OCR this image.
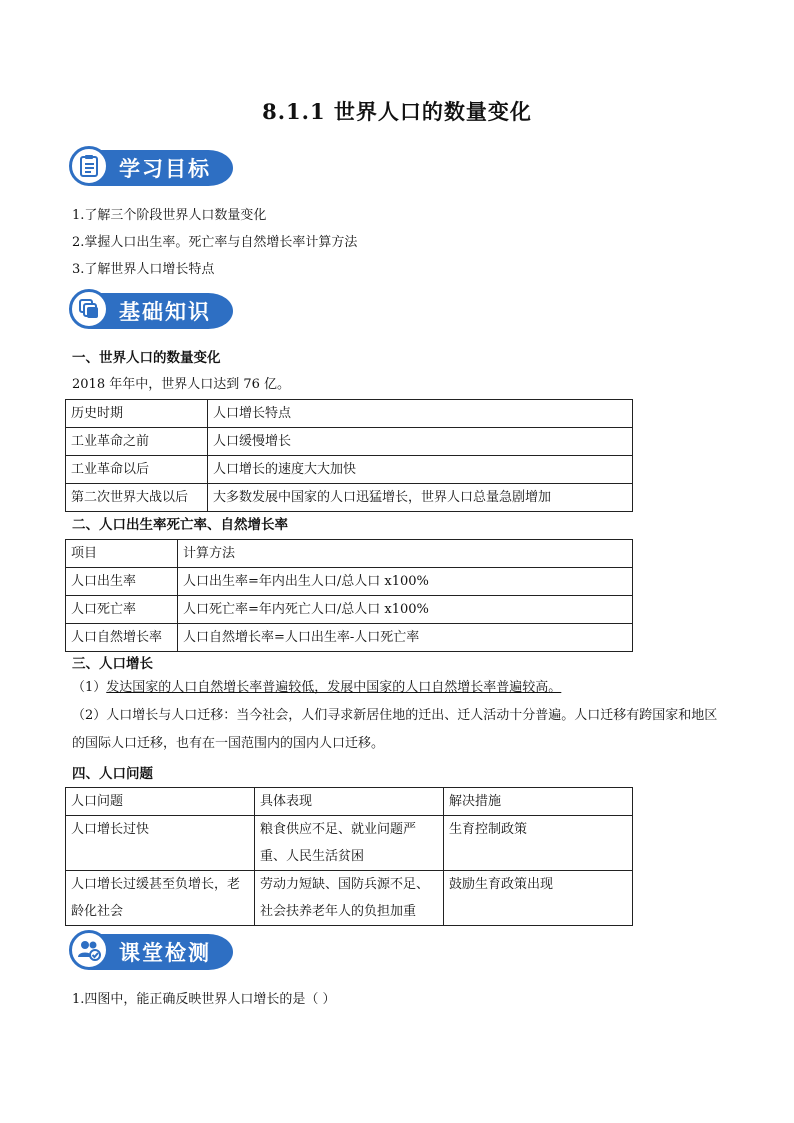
8.1.1 世界人口的数量变化
学习目标
1.了解三个阶段世界人口数量变化
2.掌握人口出生率。死亡率与自然增长率计算方法
3.了解世界人口增长特点
基础知识
一、世界人口的数量变化
2018 年年中，世界人口达到 76 亿。
历史时期	人口增长特点
工业革命之前	人口缓慢增长
工业革命以后	人口增长的速度大大加快
第二次世界大战以后	大多数发展中国家的人口迅猛增长，世界人口总量急剧增加
二、人口出生率死亡率、自然增长率
项目	计算方法
人口出生率	人口出生率=年内出生人口/总人口 x100%
人口死亡率	人口死亡率=年内死亡人口/总人口 x100%
人口自然增长率	人口自然增长率=人口出生率-人口死亡率
三、人口增长
（1）发达国家的人口自然增长率普遍较低，发展中国家的人口自然增长率普遍较高。
（2）人口增长与人口迁移：当今社会，人们寻求新居住地的迁出、迁人活动十分普遍。人口迁移有跨国家和地区的国际人口迁移，也有在一国范围内的国内人口迁移。
四、人口问题
人口问题	具体表现	解决措施
人口增长过快	粮食供应不足、就业问题严重、人民生活贫困	生育控制政策
人口增长过缓甚至负增长，老龄化社会	劳动力短缺、国防兵源不足、社会扶养老年人的负担加重	鼓励生育政策出现
课堂检测
1.四图中，能正确反映世界人口增长的是（ ）
